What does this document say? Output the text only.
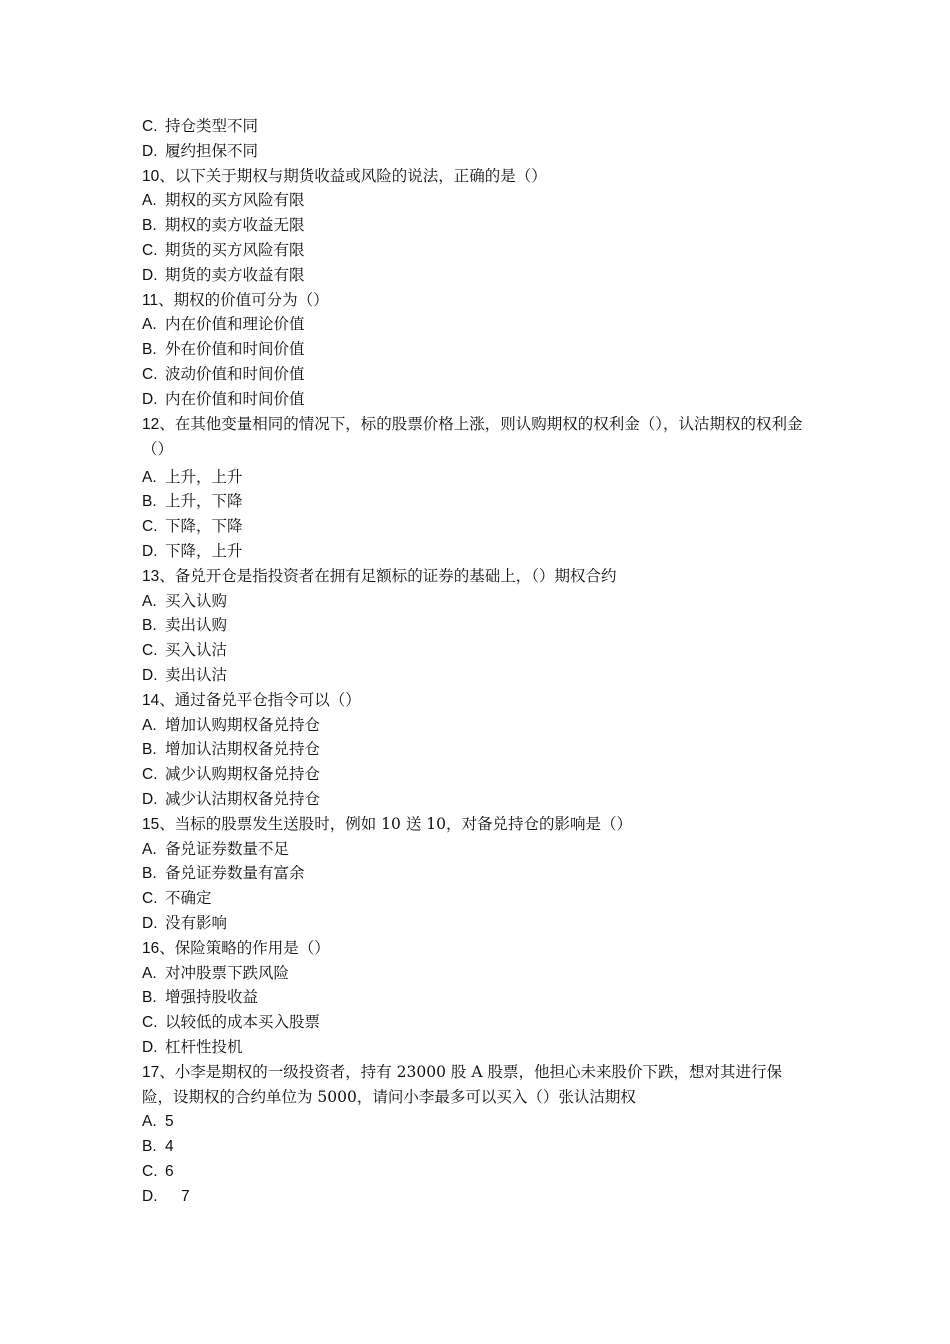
C. 持仓类型不同
D. 履约担保不同
10、以下关于期权与期货收益或风险的说法，正确的是（）
A. 期权的买方风险有限
B. 期权的卖方收益无限
C. 期货的买方风险有限
D. 期货的卖方收益有限
11、期权的价值可分为（）
A. 内在价值和理论价值
B. 外在价值和时间价值
C. 波动价值和时间价值
D. 内在价值和时间价值
12、在其他变量相同的情况下，标的股票价格上涨，则认购期权的权利金（），认沽期权的权利金（）
A. 上升，上升
B. 上升，下降
C. 下降，下降
D. 下降，上升
13、备兑开仓是指投资者在拥有足额标的证券的基础上，（）期权合约
A. 买入认购
B. 卖出认购
C. 买入认沽
D. 卖出认沽
14、通过备兑平仓指令可以（）
A. 增加认购期权备兑持仓
B. 增加认沽期权备兑持仓
C. 减少认购期权备兑持仓
D. 减少认沽期权备兑持仓
15、当标的股票发生送股时，例如 10 送 10，对备兑持仓的影响是（）
A. 备兑证券数量不足
B. 备兑证券数量有富余
C. 不确定
D. 没有影响
16、保险策略的作用是（）
A. 对冲股票下跌风险
B. 增强持股收益
C. 以较低的成本买入股票
D. 杠杆性投机
17、小李是期权的一级投资者，持有 23000 股 A 股票，他担心未来股价下跌，想对其进行保险，设期权的合约单位为 5000，请问小李最多可以买入（）张认沽期权
A. 5
B. 4
C. 6
D. 7
